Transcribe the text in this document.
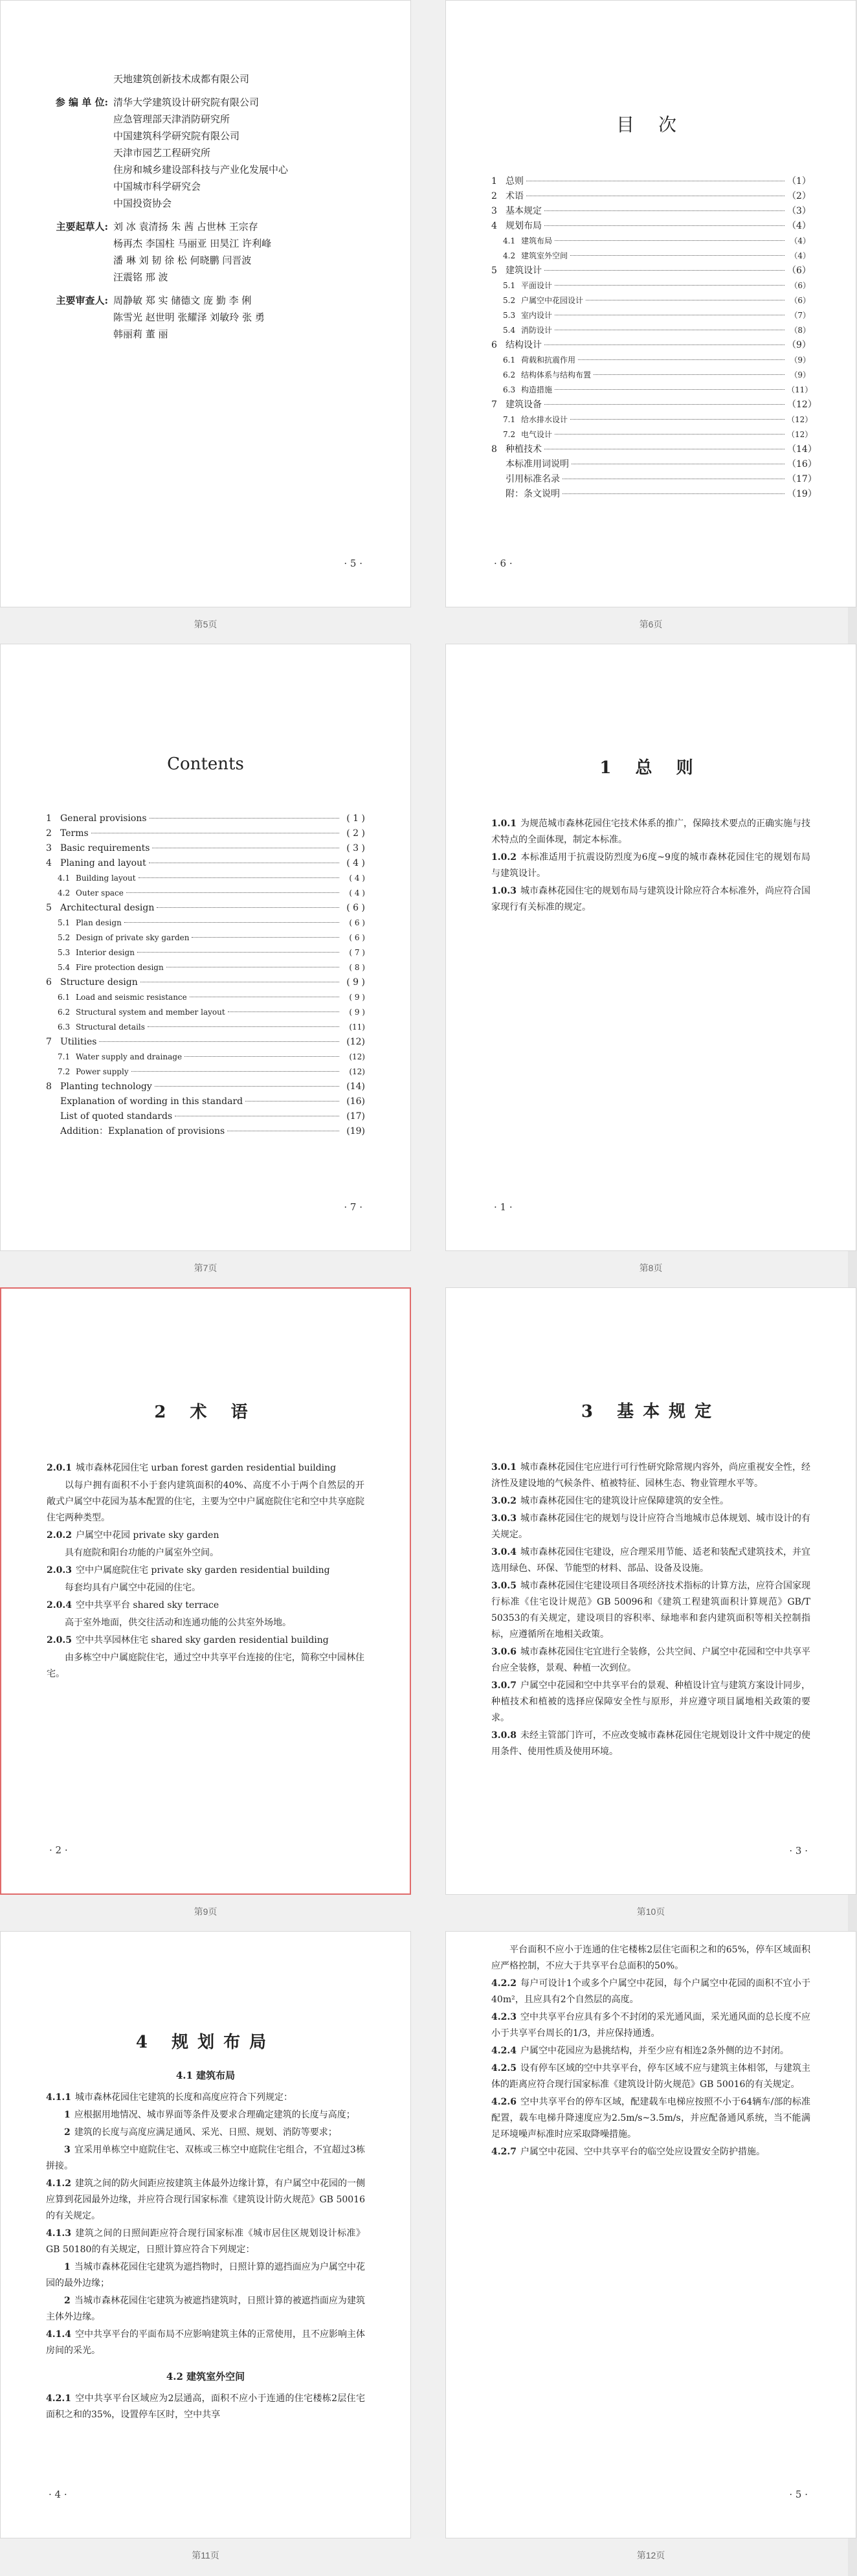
天地建筑创新技术成都有限公司
参 编 单 位: 清华大学建筑设计研究院有限公司
应急管理部天津消防研究所
中国建筑科学研究院有限公司
天津市园艺工程研究所
住房和城乡建设部科技与产业化发展中心
中国城市科学研究会
中国投资协会
主要起草人: 刘 冰 袁清扬 朱 茜 占世林 王宗存
杨再杰 李国柱 马丽亚 田昊江 许利峰
潘 琳 刘 韧 徐 松 何晓鹏 闫晋波
汪震铭 邢 波
主要审查人: 周静敏 郑 实 储德文 庞 勤 李 俐
陈雪光 赵世明 张耀泽 刘敏玲 张 勇
韩丽莉 董 丽
· 5 ·
第5页
目 次
1 总则	（1）
2 术语	（2）
3 基本规定	（3）
4 规划布局	（4）
4.1 建筑布局	（4）
4.2 建筑室外空间	（4）
5 建筑设计	（6）
5.1 平面设计	（6）
5.2 户属空中花园设计	（6）
5.3 室内设计	（7）
5.4 消防设计	（8）
6 结构设计	（9）
6.1 荷载和抗震作用	（9）
6.2 结构体系与结构布置	（9）
6.3 构造措施	（11）
7 建筑设备	（12）
7.1 给水排水设计	（12）
7.2 电气设计	（12）
8 种植技术	（14）
本标准用词说明	（16）
引用标准名录	（17）
附：条文说明	（19）
· 6 ·
第6页
Contents
1 General provisions	( 1 )
2 Terms	( 2 )
3 Basic requirements	( 3 )
4 Planing and layout	( 4 )
4.1 Building layout	( 4 )
4.2 Outer space	( 4 )
5 Architectural design	( 6 )
5.1 Plan design	( 6 )
5.2 Design of private sky garden	( 6 )
5.3 Interior design	( 7 )
5.4 Fire protection design	( 8 )
6 Structure design	( 9 )
6.1 Load and seismic resistance	( 9 )
6.2 Structural system and member layout	( 9 )
6.3 Structural details	(11)
7 Utilities	(12)
7.1 Water supply and drainage	(12)
7.2 Power supply	(12)
8 Planting technology	(14)
Explanation of wording in this standard	(16)
List of quoted standards	(17)
Addition：Explanation of provisions	(19)
· 7 ·
第7页
1 总 则

1.0.1 为规范城市森林花园住宅技术体系的推广，保障技术要点的正确实施与技术特点的全面体现，制定本标准。

1.0.2 本标准适用于抗震设防烈度为6度~9度的城市森林花园住宅的规划布局与建筑设计。

1.0.3 城市森林花园住宅的规划布局与建筑设计除应符合本标准外，尚应符合国家现行有关标准的规定。

· 1 ·
第8页
2 术 语

2.0.1 城市森林花园住宅 urban forest garden residential building

以每户拥有面积不小于套内建筑面积的40%、高度不小于两个自然层的开敞式户属空中花园为基本配置的住宅，主要为空中户属庭院住宅和空中共享庭院住宅两种类型。

2.0.2 户属空中花园 private sky garden

具有庭院和阳台功能的户属室外空间。

2.0.3 空中户属庭院住宅 private sky garden residential building

每套均具有户属空中花园的住宅。

2.0.4 空中共享平台 shared sky terrace

高于室外地面，供交往活动和连通功能的公共室外场地。

2.0.5 空中共享园林住宅 shared sky garden residential building

由多栋空中户属庭院住宅，通过空中共享平台连接的住宅，简称空中园林住宅。

· 2 ·
第9页
3 基本规定

3.0.1 城市森林花园住宅应进行可行性研究除常规内容外，尚应重视安全性，经济性及建设地的气候条件、植被特征、园林生态、物业管理水平等。

3.0.2 城市森林花园住宅的建筑设计应保障建筑的安全性。

3.0.3 城市森林花园住宅的规划与设计应符合当地城市总体规划、城市设计的有关规定。

3.0.4 城市森林花园住宅建设，应合理采用节能、适老和装配式建筑技术，并宜选用绿色、环保、节能型的材料、部品、设备及设施。

3.0.5 城市森林花园住宅建设项目各项经济技术指标的计算方法，应符合国家现行标准《住宅设计规范》GB 50096和《建筑工程建筑面积计算规范》GB/T 50353的有关规定，建设项目的容积率、绿地率和套内建筑面积等相关控制指标，应遵循所在地相关政策。

3.0.6 城市森林花园住宅宜进行全装修，公共空间、户属空中花园和空中共享平台应全装修，景观、种植一次到位。

3.0.7 户属空中花园和空中共享平台的景观、种植设计宜与建筑方案设计同步，种植技术和植被的选择应保障安全性与原形，并应遵守项目属地相关政策的要求。

3.0.8 未经主管部门许可，不应改变城市森林花园住宅规划设计文件中规定的使用条件、使用性质及使用环境。

· 3 ·
第10页
4 规划布局
4.1 建筑布局

4.1.1 城市森林花园住宅建筑的长度和高度应符合下列规定：

1 应根据用地情况、城市界面等条件及要求合理确定建筑的长度与高度；

2 建筑的长度与高度应满足通风、采光、日照、规划、消防等要求；

3 宜采用单栋空中庭院住宅、双栋或三栋空中庭院住宅组合，不宜超过3栋拼接。

4.1.2 建筑之间的防火间距应按建筑主体最外边缘计算，有户属空中花园的一侧应算到花园最外边缘，并应符合现行国家标准《建筑设计防火规范》GB 50016的有关规定。

4.1.3 建筑之间的日照间距应符合现行国家标准《城市居住区规划设计标准》GB 50180的有关规定，日照计算应符合下列规定：

1 当城市森林花园住宅建筑为遮挡物时，日照计算的遮挡面应为户属空中花园的最外边缘；

2 当城市森林花园住宅建筑为被遮挡建筑时，日照计算的被遮挡面应为建筑主体外边缘。

4.1.4 空中共享平台的平面布局不应影响建筑主体的正常使用，且不应影响主体房间的采光。

4.2 建筑室外空间

4.2.1 空中共享平台区域应为2层通高，面积不应小于连通的住宅楼栋2层住宅面积之和的35%，设置停车区时，空中共享

· 4 ·
第11页

平台面积不应小于连通的住宅楼栋2层住宅面积之和的65%，停车区域面积应严格控制，不应大于共享平台总面积的50%。

4.2.2 每户可设计1个或多个户属空中花园，每个户属空中花园的面积不宜小于40m²，且应具有2个自然层的高度。

4.2.3 空中共享平台应具有多个不封闭的采光通风面，采光通风面的总长度不应小于共享平台周长的1/3，并应保持通透。

4.2.4 户属空中花园应为悬挑结构，并至少应有相连2条外侧的边不封闭。

4.2.5 设有停车区域的空中共享平台，停车区域不应与建筑主体相邻，与建筑主体的距离应符合现行国家标准《建筑设计防火规范》GB 50016的有关规定。

4.2.6 空中共享平台的停车区域，配建载车电梯应按照不小于64辆车/部的标准配置，载车电梯升降速度应为2.5m/s~3.5m/s，并应配备通风系统，当不能满足环境噪声标准时应采取降噪措施。

4.2.7 户属空中花园、空中共享平台的临空处应设置安全防护措施。

· 5 ·
第12页
